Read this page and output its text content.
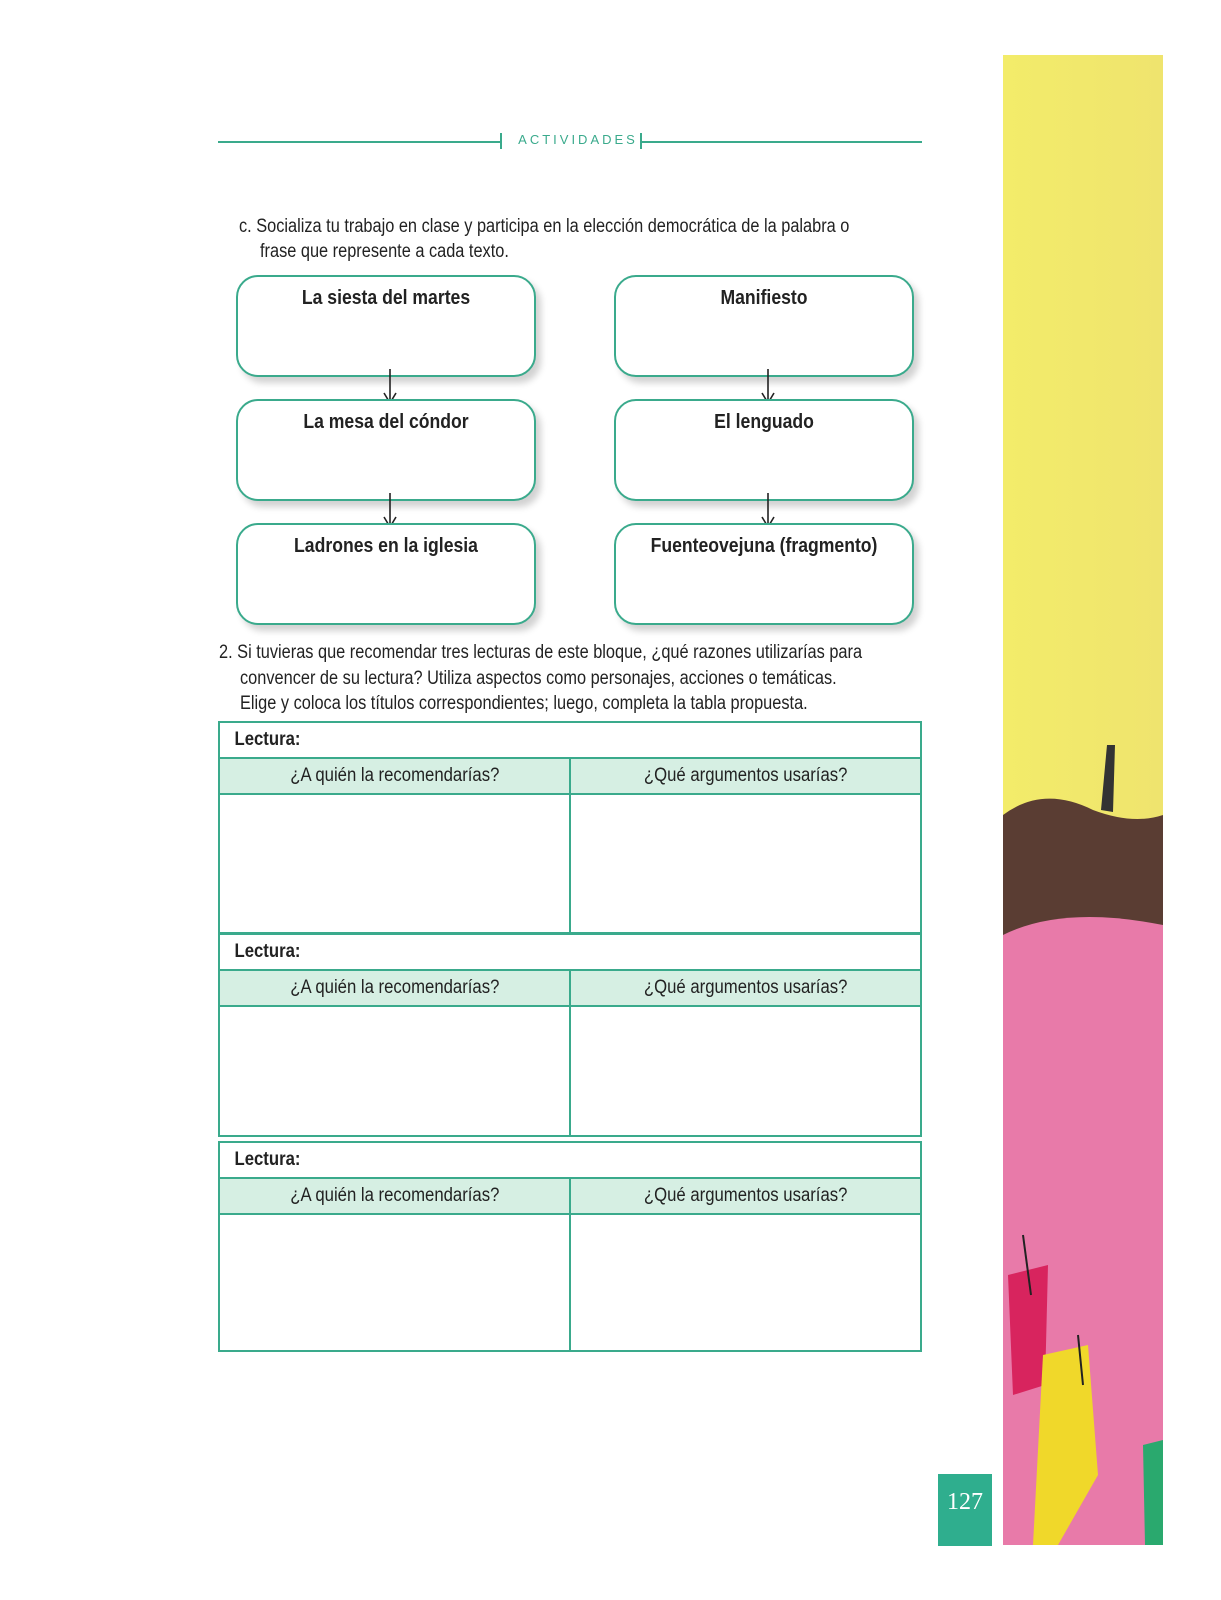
ACTIVIDADES
c. Socializa tu trabajo en clase y participa en la elección democrática de la palabra o
frase que represente a cada texto.
La siesta del martes
La mesa del cóndor
Ladrones en la iglesia
Manifiesto
El lenguado
Fuenteovejuna (fragmento)
2. Si tuvieras que recomendar tres lecturas de este bloque, ¿qué razones utilizarías para
convencer de su lectura? Utiliza aspectos como personajes, acciones o temáticas.
Elige y coloca los títulos correspondientes; luego, completa la tabla propuesta.
Lectura:	
¿A quién la recomendarías?	¿Qué argumentos usarías?

Lectura:	
¿A quién la recomendarías?	¿Qué argumentos usarías?

Lectura:	
¿A quién la recomendarías?	¿Qué argumentos usarías?

127
